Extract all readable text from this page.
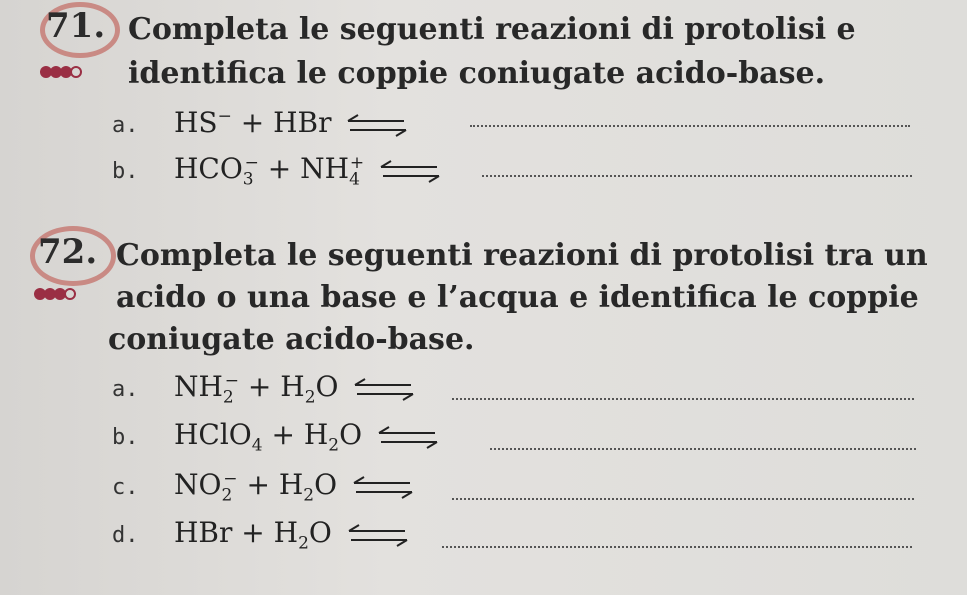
71. Completa le seguenti reazioni di protolisi e
identifica le coppie coniugate acido-base.
a.	HS− + HBr ⇌
b.	$HCO_3^- + NH_4^+$ ⇌
72. Completa le seguenti reazioni di protolisi tra un
acido o una base e l’acqua e identifica le coppie
coniugate acido-base.
a.	$NH_2^- + H_2O$ ⇌
b.	HClO$_4$ + $H_2O$ ⇌
c.	$NO_2^- + H_2O$ ⇌
d.	HBr + $H_2O$ ⇌
